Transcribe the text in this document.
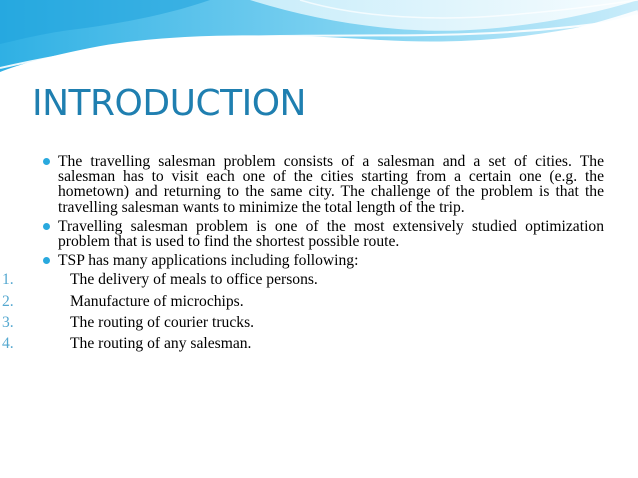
INTRODUCTION
The travelling salesman problem consists of a salesman and a set of cities. The salesman has to visit each one of the cities starting from a certain one (e.g. the hometown) and returning to the same city. The challenge of the problem is that the travelling salesman wants to minimize the total length of the trip.
Travelling salesman problem is one of the most extensively studied optimization problem that is used to find the shortest possible route.
TSP has many applications including following:
1.	The delivery of meals to office persons.
2.	Manufacture of microchips.
3.	The routing of courier trucks.
4.	The routing of any salesman.
